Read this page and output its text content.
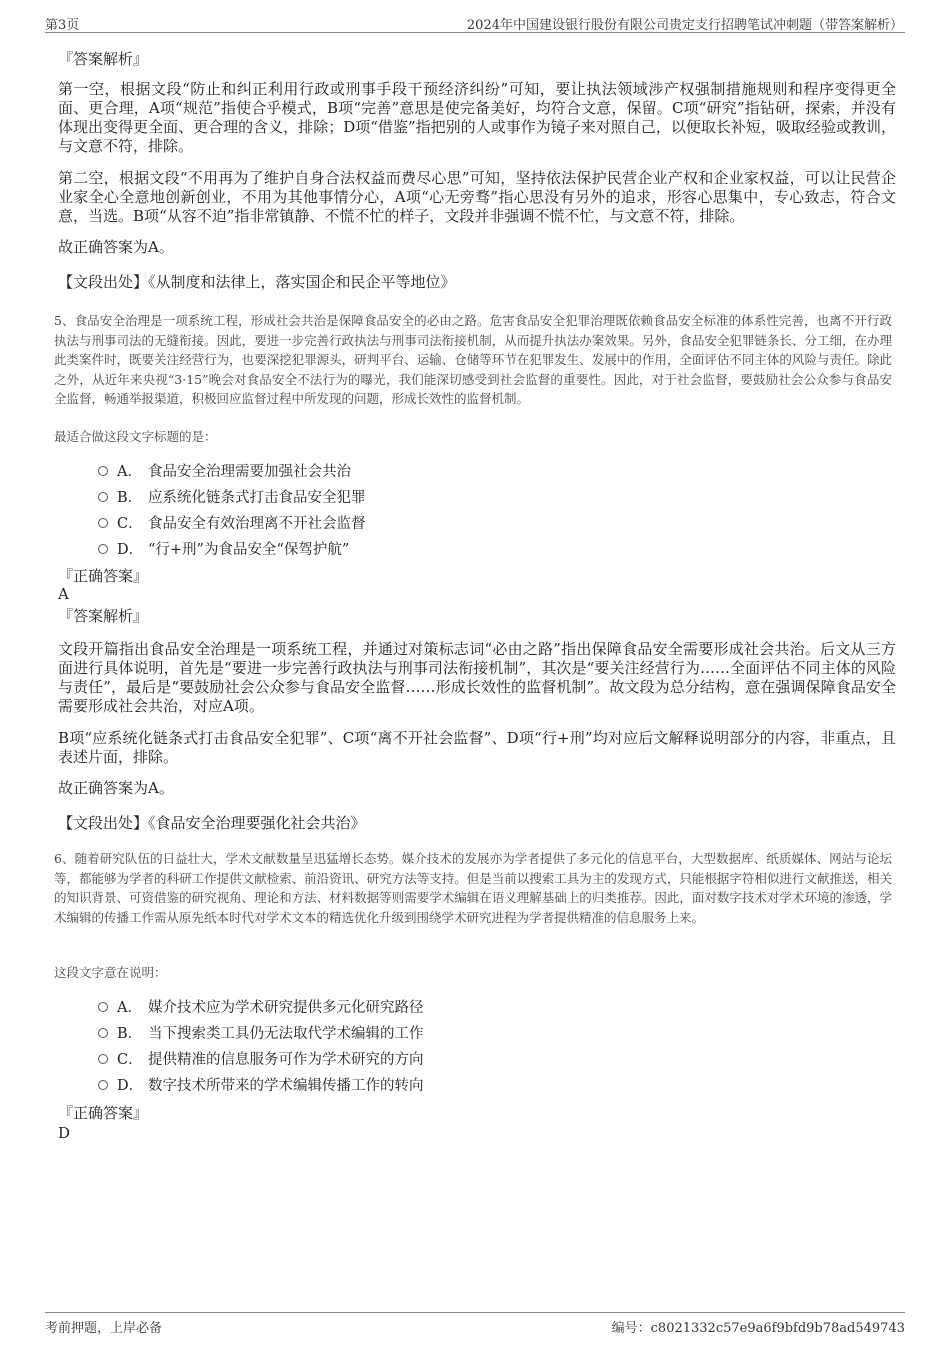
第3页	2024年中国建设银行股份有限公司贵定支行招聘笔试冲刺题（带答案解析）
『答案解析』
第一空，根据文段“防止和纠正利用行政或刑事手段干预经济纠纷”可知，要让执法领域涉产权强制措施规则和程序变得更全面、更合理，A项“规范”指使合乎模式，B项“完善”意思是使完备美好，均符合文意，保留。C项“研究”指钻研，探索，并没有体现出变得更全面、更合理的含义，排除；D项“借鉴”指把别的人或事作为镜子来对照自己，以便取长补短，吸取经验或教训，与文意不符，排除。
第二空，根据文段“不用再为了维护自身合法权益而费尽心思”可知，坚持依法保护民营企业产权和企业家权益，可以让民营企业家全心全意地创新创业，不用为其他事情分心，A项“心无旁骛”指心思没有另外的追求，形容心思集中，专心致志，符合文意，当选。B项“从容不迫”指非常镇静、不慌不忙的样子，文段并非强调不慌不忙，与文意不符，排除。
故正确答案为A。
【文段出处】《从制度和法律上，落实国企和民企平等地位》
5、食品安全治理是一项系统工程，形成社会共治是保障食品安全的必由之路。危害食品安全犯罪治理既依赖食品安全标准的体系性完善，也离不开行政执法与刑事司法的无缝衔接。因此，要进一步完善行政执法与刑事司法衔接机制，从而提升执法办案效果。另外，食品安全犯罪链条长、分工细，在办理此类案件时，既要关注经营行为，也要深挖犯罪源头，研判平台、运输、仓储等环节在犯罪发生、发展中的作用，全面评估不同主体的风险与责任。除此之外，从近年来央视“3·15”晚会对食品安全不法行为的曝光，我们能深切感受到社会监督的重要性。因此，对于社会监督，要鼓励社会公众参与食品安全监督，畅通举报渠道，积极回应监督过程中所发现的问题，形成长效性的监督机制。
最适合做这段文字标题的是：
A． 食品安全治理需要加强社会共治
B． 应系统化链条式打击食品安全犯罪
C． 食品安全有效治理离不开社会监督
D． “行+刑”为食品安全“保驾护航”
『正确答案』
A
『答案解析』
文段开篇指出食品安全治理是一项系统工程，并通过对策标志词“必由之路”指出保障食品安全需要形成社会共治。后文从三方面进行具体说明，首先是“要进一步完善行政执法与刑事司法衔接机制”，其次是“要关注经营行为……全面评估不同主体的风险与责任”，最后是“要鼓励社会公众参与食品安全监督……形成长效性的监督机制”。故文段为总分结构，意在强调保障食品安全需要形成社会共治，对应A项。
B项“应系统化链条式打击食品安全犯罪”、C项“离不开社会监督”、D项“行+刑”均对应后文解释说明部分的内容，非重点，且表述片面，排除。
故正确答案为A。
【文段出处】《食品安全治理要强化社会共治》
6、随着研究队伍的日益壮大，学术文献数量呈迅猛增长态势。媒介技术的发展亦为学者提供了多元化的信息平台，大型数据库、纸质媒体、网站与论坛等，都能够为学者的科研工作提供文献检索、前沿资讯、研究方法等支持。但是当前以搜索工具为主的发现方式，只能根据字符相似进行文献推送，相关的知识背景、可资借鉴的研究视角、理论和方法、材料数据等则需要学术编辑在语义理解基础上的归类推荐。因此，面对数字技术对学术环境的渗透，学术编辑的传播工作需从原先纸本时代对学术文本的精选优化升级到围绕学术研究进程为学者提供精准的信息服务上来。
这段文字意在说明：
A． 媒介技术应为学术研究提供多元化研究路径
B． 当下搜索类工具仍无法取代学术编辑的工作
C． 提供精准的信息服务可作为学术研究的方向
D． 数字技术所带来的学术编辑传播工作的转向
『正确答案』
D
考前押题，上岸必备	编号：c8021332c57e9a6f9bfd9b78ad549743
